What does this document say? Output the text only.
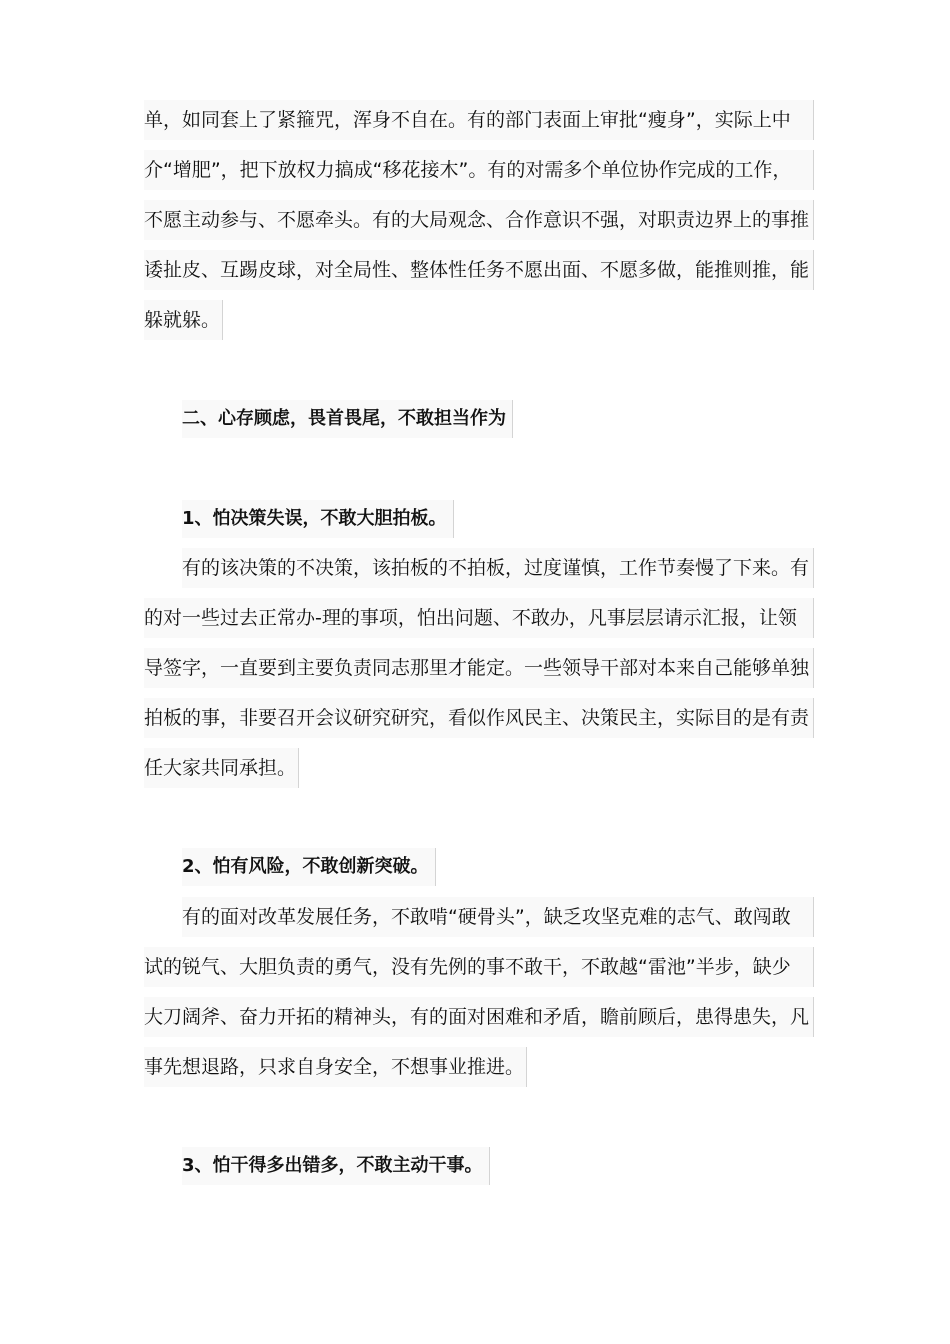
单，如同套上了紧箍咒，浑身不自在。有的部门表面上审批“瘦身”，实际上中
介“增肥”，把下放权力搞成“移花接木”。有的对需多个单位协作完成的工作，
不愿主动参与、不愿牵头。有的大局观念、合作意识不强，对职责边界上的事推
诿扯皮、互踢皮球，对全局性、整体性任务不愿出面、不愿多做，能推则推，能
躲就躲。
二、心存顾虑，畏首畏尾，不敢担当作为
1、怕决策失误，不敢大胆拍板。
有的该决策的不决策，该拍板的不拍板，过度谨慎，工作节奏慢了下来。有
的对一些过去正常办-理的事项，怕出问题、不敢办，凡事层层请示汇报，让领
导签字，一直要到主要负责同志那里才能定。一些领导干部对本来自己能够单独
拍板的事，非要召开会议研究研究，看似作风民主、决策民主，实际目的是有责
任大家共同承担。
2、怕有风险，不敢创新突破。
有的面对改革发展任务，不敢啃“硬骨头”，缺乏攻坚克难的志气、敢闯敢
试的锐气、大胆负责的勇气，没有先例的事不敢干，不敢越“雷池”半步，缺少
大刀阔斧、奋力开拓的精神头，有的面对困难和矛盾，瞻前顾后，患得患失，凡
事先想退路，只求自身安全，不想事业推进。
3、怕干得多出错多，不敢主动干事。
